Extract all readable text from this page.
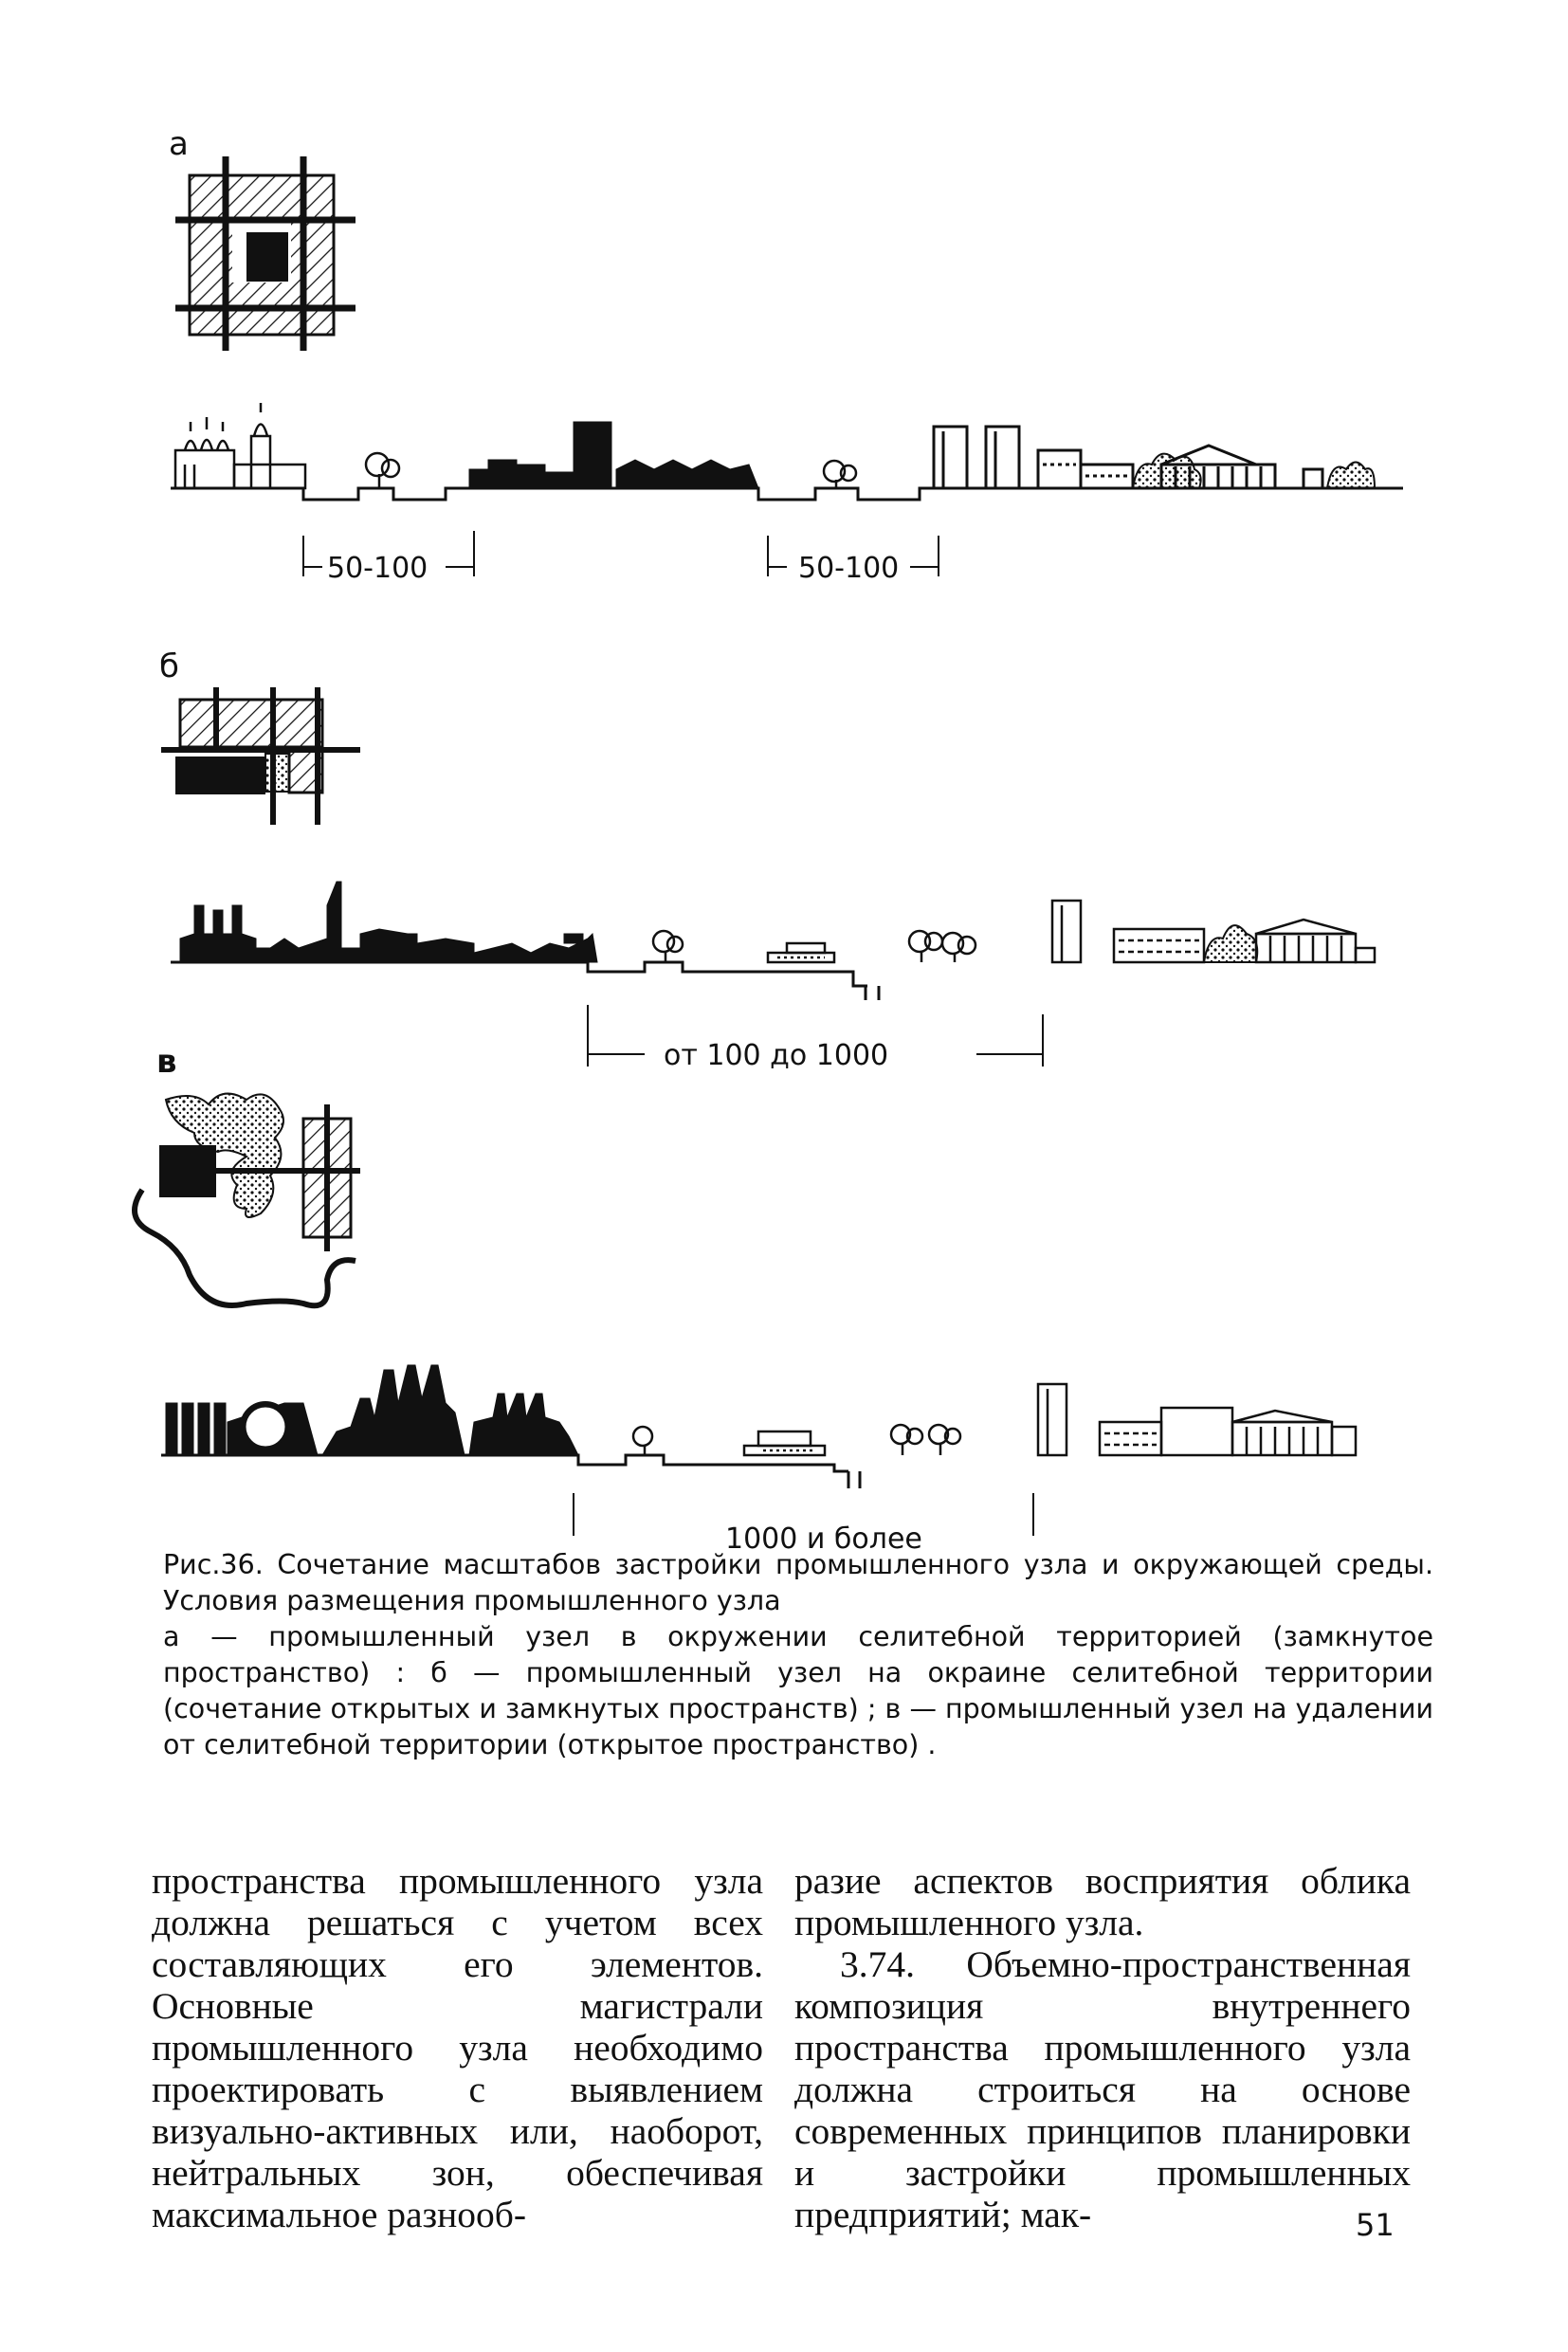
а
б
в
50-100	50-100
от 100 до 1000
1000 и более

Рис.36. Сочетание масштабов застройки промышленного узла и окружающей среды. Условия размещения промышленного узла

а — промышленный узел в окружении селитебной территорией (замкнутое пространство) : б — промышленный узел на окраине селитебной территории (сочетание открытых и замкнутых пространств) ; в — промышленный узел на удалении от селитебной территории (открытое пространство) .

пространства промышленного узла должна решаться с учетом всех составляющих его элементов. Основные магистрали промышленного узла необходимо проектировать с выявлением визуально-активных или, наоборот, нейтральных зон, обеспечивая максимальное разнооб-

разие аспектов восприятия облика промышленного узла.

3.74. Объемно-пространственная композиция внутреннего пространства промышленного узла должна строиться на основе современных принципов планировки и застройки промышленных предприятий; мак-	51
